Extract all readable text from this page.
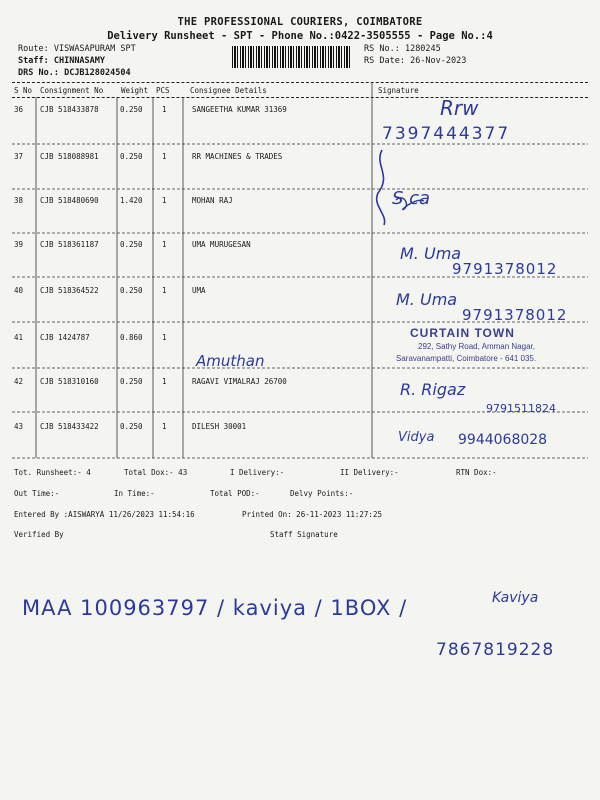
THE PROFESSIONAL COURIERS, COIMBATORE
Delivery Runsheet - SPT - Phone No.:0422-3505555 - Page No.:4
Route: VISWASAPURAM SPT
Staff: CHINNASAMY
DRS No.: DCJB128024504
RS No.: 1280245
RS Date: 26-Nov-2023
S No Consignment No Weight PCS	Consignee Details	Signature
36 CJB 518433878	0.250	1	SANGEETHA KUMAR 31369
37 CJB 518088981	0.250	1	RR MACHINES & TRADES
38 CJB 518480690	1.420	1	MOHAN RAJ
39 CJB 518361187	0.250	1	UMA MURUGESAN
40 CJB 518364522	0.250	1	UMA
41 CJB 1424787	0.860	1
42 CJB 518310160	0.250	1	RAGAVI VIMALRAJ 26700
43 CJB 518433422	0.250	1	DILESH 30001
Tot. Runsheet:- 4	Total Dox:- 43	I Delivery:-	II Delivery:-	RTN Dox:-
Out Time:-	In Time:-	Total POD:-	Delvy Points:-
Entered By :AISWARYA 11/26/2023 11:54:16	Printed On: 26-11-2023 11:27:25
Verified By	Staff Signature
CURTAIN TOWN
292, Sathy Road, Amman Nagar,
Saravanampatti, Coimbatore - 641 035.
Rrw
7397444377
S ca
M. Uma
9791378012
M. Uma
9791378012
Amuthan
R. Rigaz
9791511824
Vidya 9944068028
MAA 100963797 / kaviya / 1BOX /	Kaviya
7867819228
